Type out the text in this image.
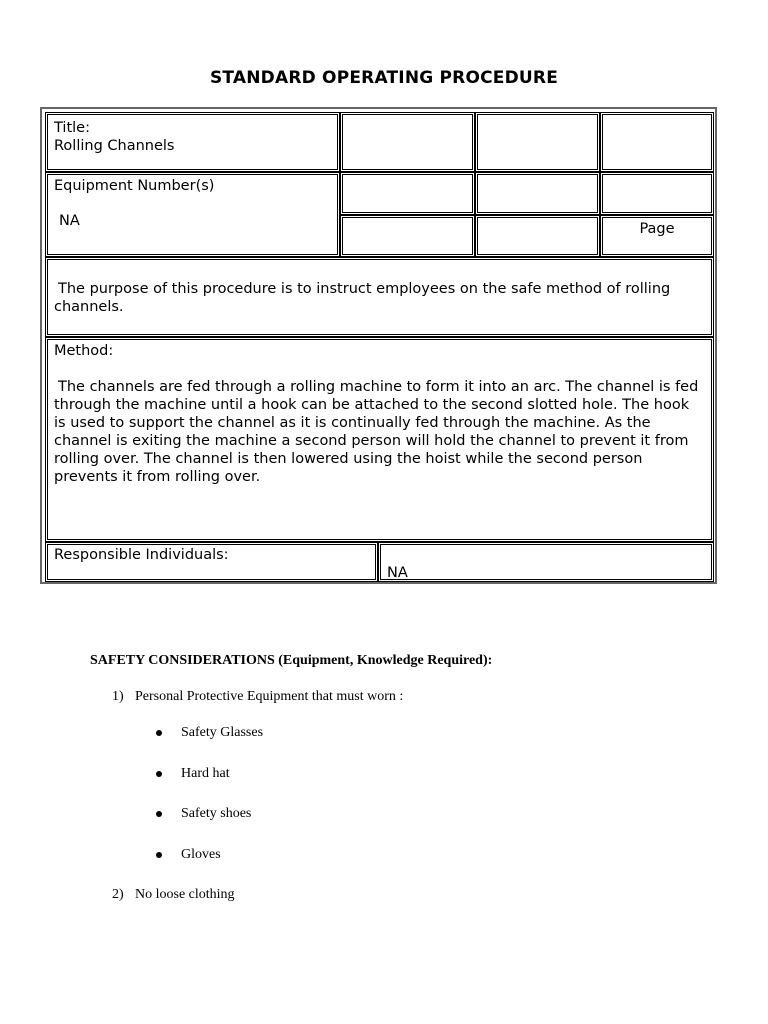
STANDARD OPERATING PROCEDURE
Title:
Rolling Channels
Equipment Number(s)
NA	Page
The purpose of this procedure is to instruct employees on the safe method of rolling channels.
Method:
The channels are fed through a rolling machine to form it into an arc. The channel is fed through the machine until a hook can be attached to the second slotted hole. The hook is used to support the channel as it is continually fed through the machine. As the channel is exiting the machine a second person will hold the channel to prevent it from rolling over. The channel is then lowered using the hoist while the second person prevents it from rolling over.
Responsible Individuals:
NA
SAFETY CONSIDERATIONS (Equipment, Knowledge Required):
1) Personal Protective Equipment that must worn :
Safety Glasses
Hard hat
Safety shoes
Gloves
2) No loose clothing
